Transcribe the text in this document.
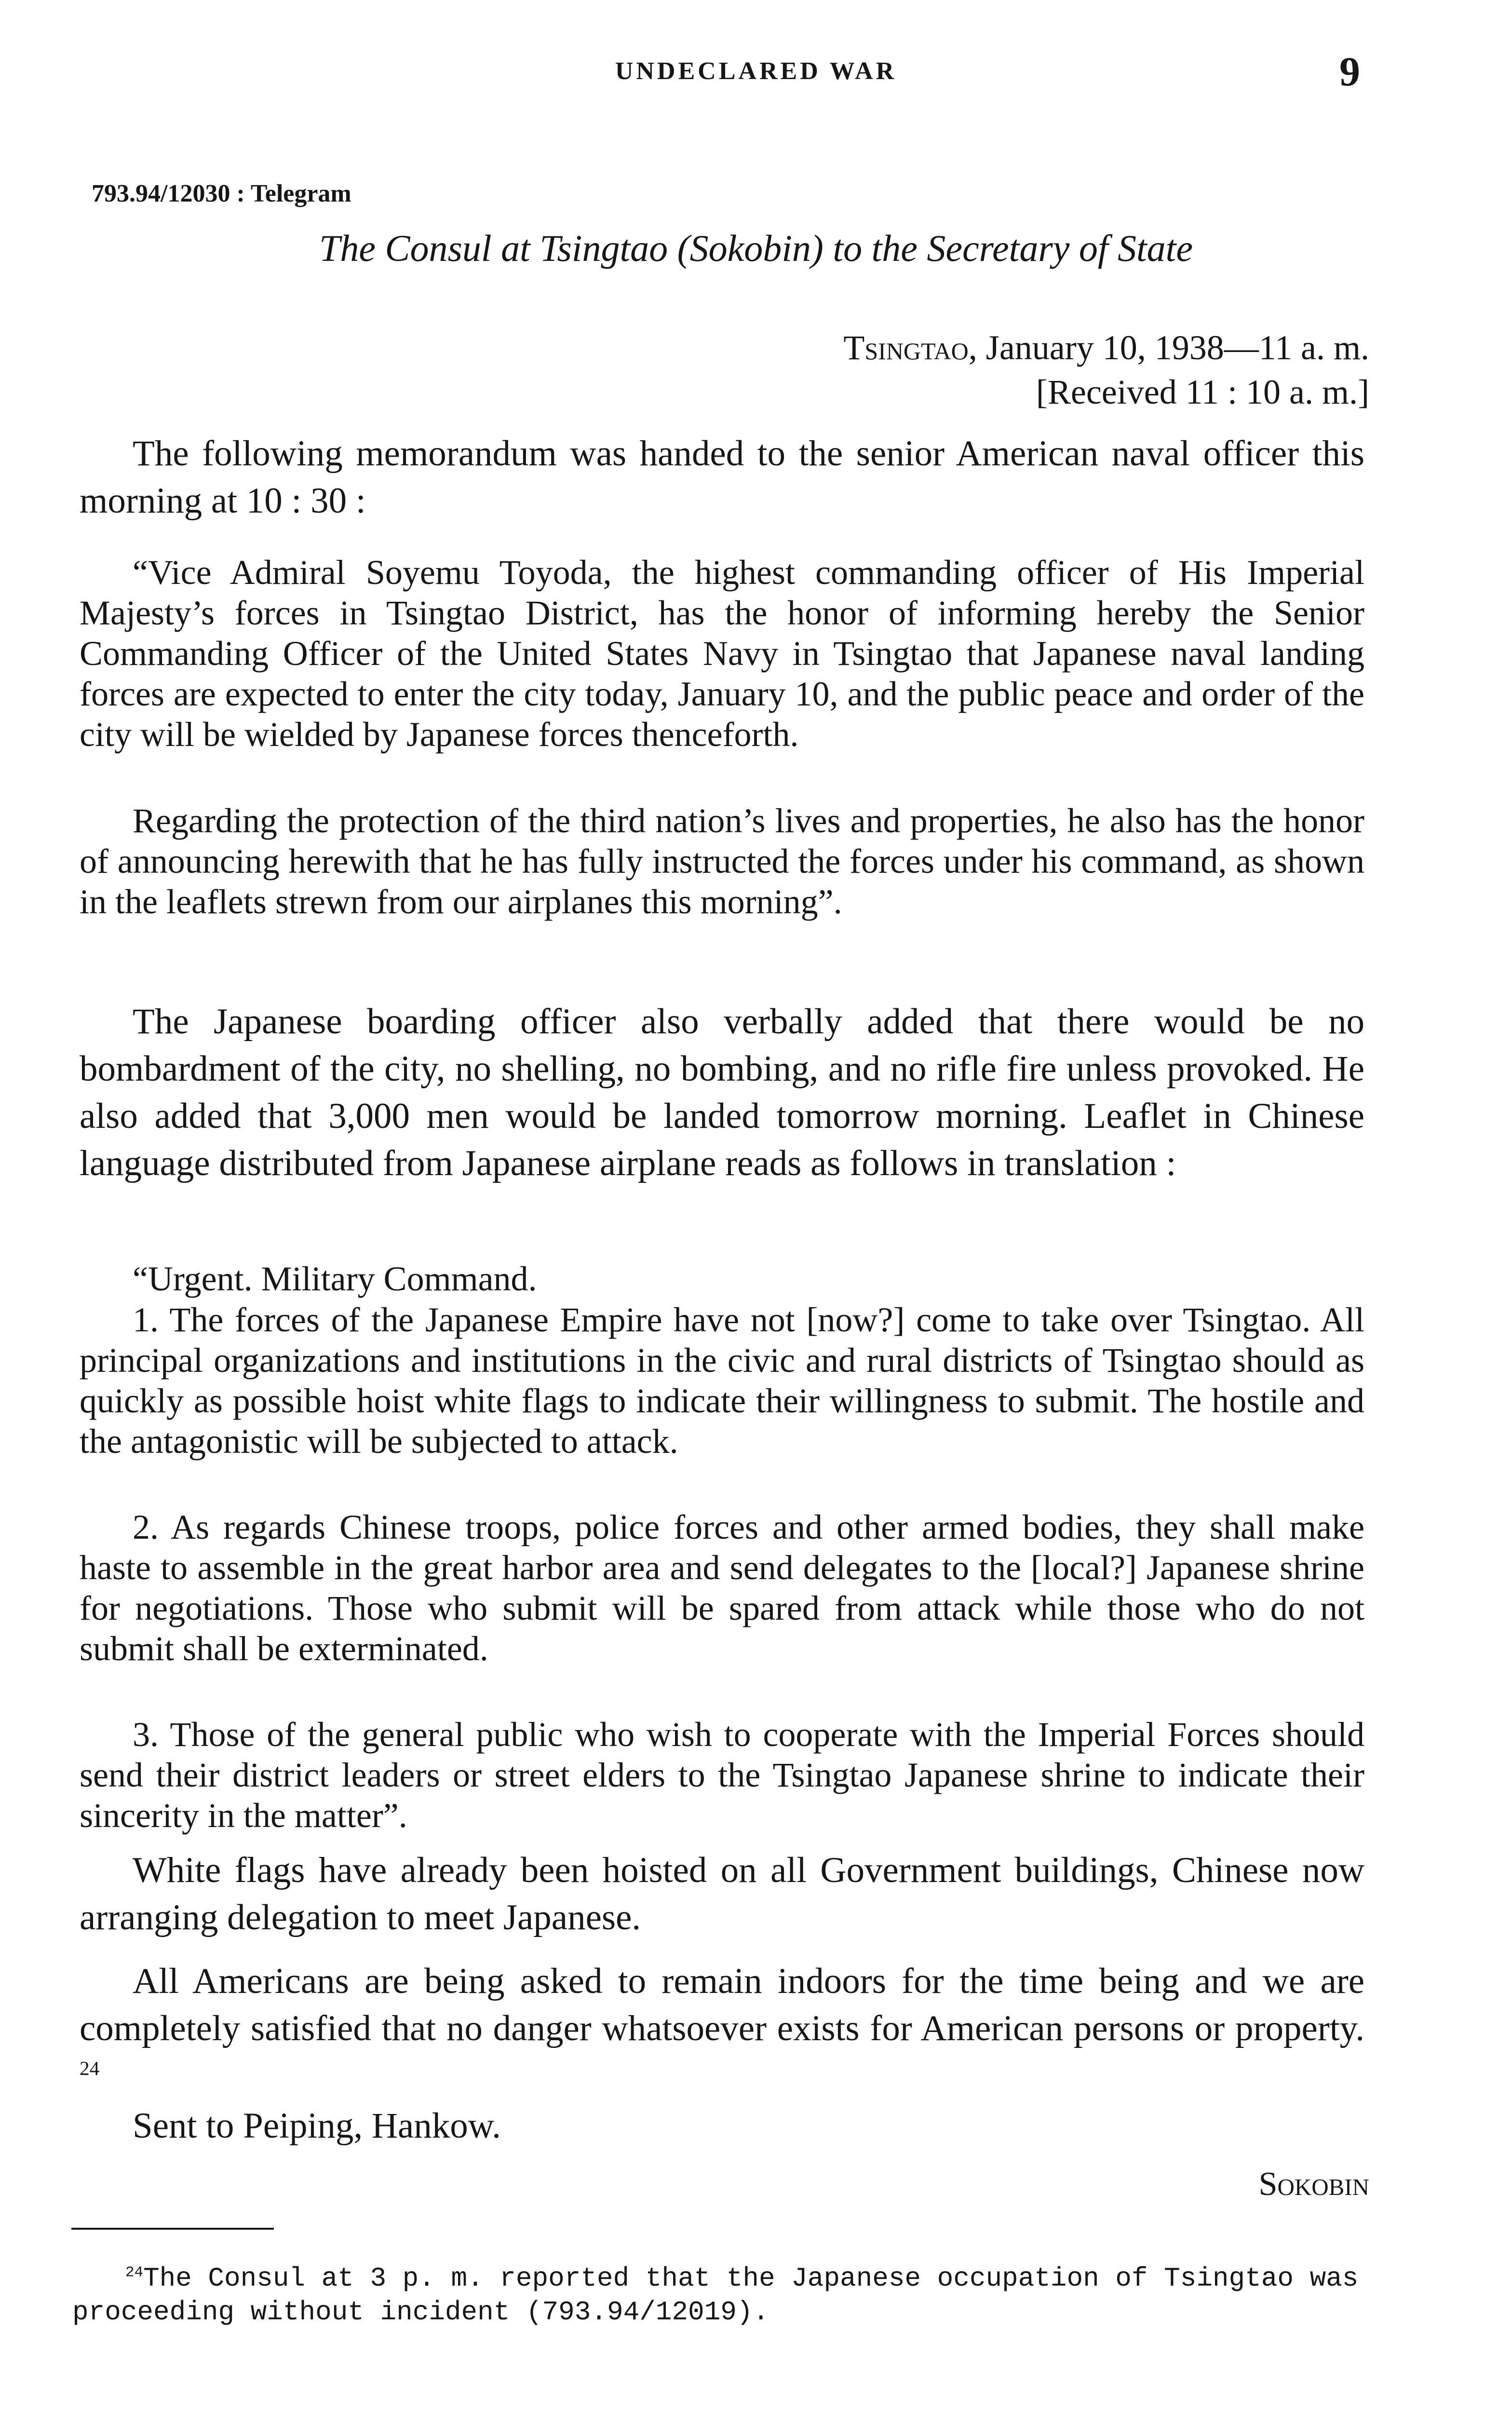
UNDECLARED WAR	9
793.94/12030 : Telegram
The Consul at Tsingtao (Sokobin) to the Secretary of State
Tsingtao, January 10, 1938—11 a. m.
[Received 11 : 10 a. m.]

The following memorandum was handed to the senior American naval officer this morning at 10 : 30 :

“Vice Admiral Soyemu Toyoda, the highest commanding officer of His Imperial Majesty’s forces in Tsingtao District, has the honor of informing hereby the Senior Commanding Officer of the United States Navy in Tsingtao that Japanese naval landing forces are expected to enter the city today, January 10, and the public peace and order of the city will be wielded by Japanese forces thenceforth.

Regarding the protection of the third nation’s lives and properties, he also has the honor of announcing herewith that he has fully instructed the forces under his command, as shown in the leaflets strewn from our airplanes this morning”.

The Japanese boarding officer also verbally added that there would be no bombardment of the city, no shelling, no bombing, and no rifle fire unless provoked. He also added that 3,000 men would be landed tomorrow morning. Leaflet in Chinese language distributed from Japanese airplane reads as follows in translation :

“Urgent. Military Command.

1. The forces of the Japanese Empire have not [now?] come to take over Tsingtao. All principal organizations and institutions in the civic and rural districts of Tsingtao should as quickly as possible hoist white flags to indicate their willingness to submit. The hostile and the antagonistic will be subjected to attack.

2. As regards Chinese troops, police forces and other armed bodies, they shall make haste to assemble in the great harbor area and send delegates to the [local?] Japanese shrine for negotiations. Those who submit will be spared from attack while those who do not submit shall be exterminated.

3. Those of the general public who wish to cooperate with the Imperial Forces should send their district leaders or street elders to the Tsingtao Japanese shrine to indicate their sincerity in the matter”.

White flags have already been hoisted on all Government buildings, Chinese now arranging delegation to meet Japanese.

All Americans are being asked to remain indoors for the time being and we are completely satisfied that no danger whatsoever exists for American persons or property. $^{24}$

Sent to Peiping, Hankow.

Sokobin

$^{24}$The Consul at 3 p. m. reported that the Japanese occupation of Tsingtao was proceeding without incident (793.94/12019).
